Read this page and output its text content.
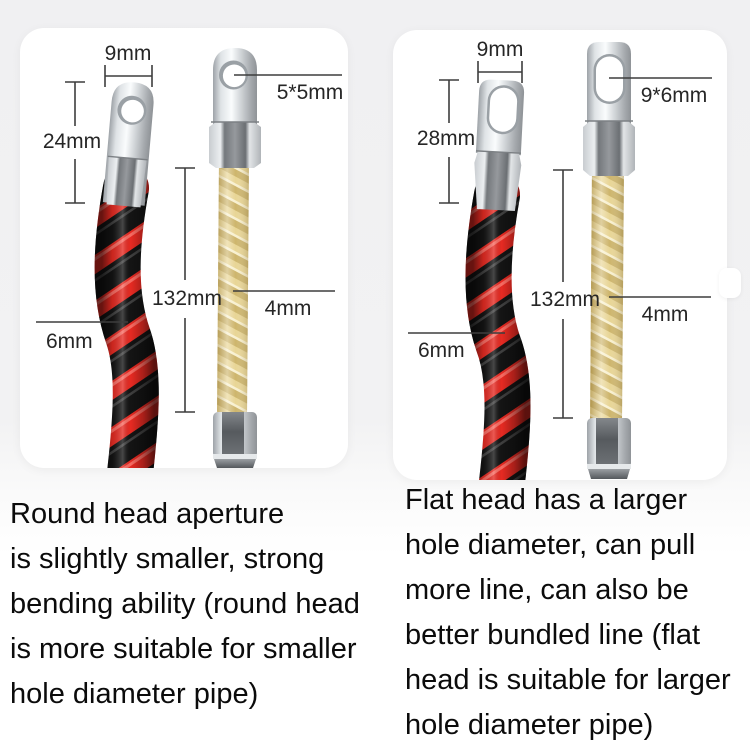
9mm
24mm
5*5mm
132mm
6mm
4mm
9mm
28mm
9*6mm
132mm
6mm
4mm
Round head aperture
is slightly smaller, strong
bending ability (round head
is more suitable for smaller
hole diameter pipe)
Flat head has a larger
hole diameter, can pull
more line, can also be
better bundled line (flat
head is suitable for larger
hole diameter pipe)
